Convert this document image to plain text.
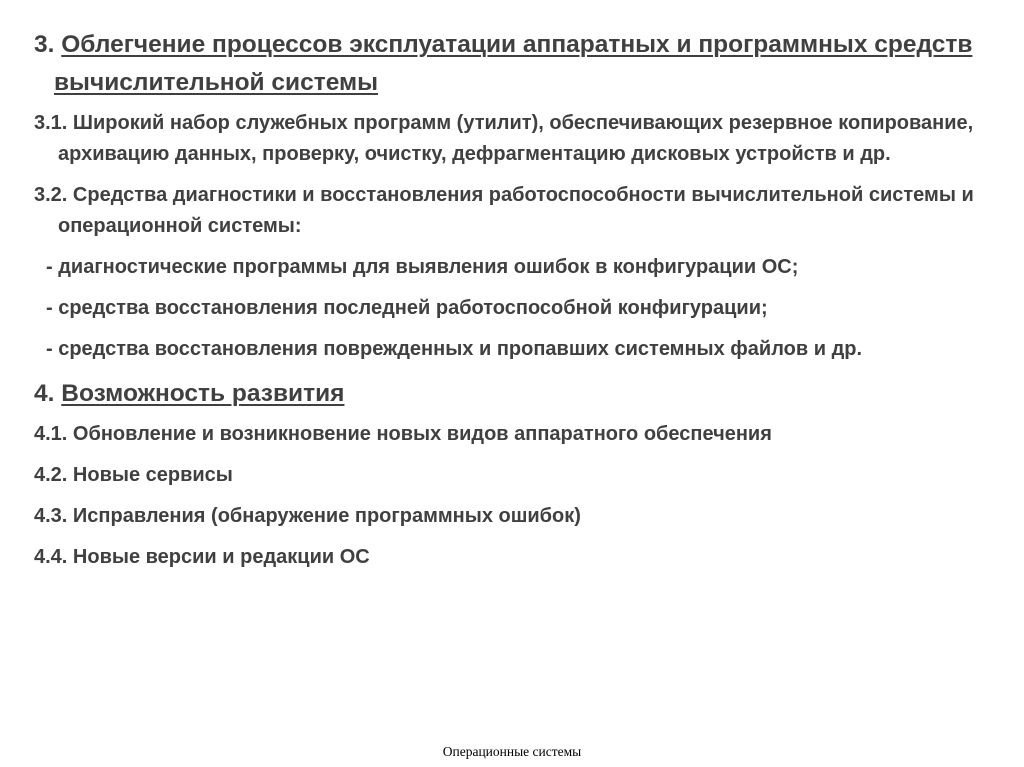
3. Облегчение процессов эксплуатации аппаратных и программных средств вычислительной системы
3.1. Широкий набор служебных программ (утилит), обеспечивающих резервное копирование, архивацию данных, проверку, очистку, дефрагментацию дисковых устройств и др.
3.2. Средства диагностики и восстановления работоспособности вычислительной системы и операционной системы:
- диагностические программы для выявления ошибок в конфигурации ОС;
- средства восстановления последней работоспособной конфигурации;
- средства восстановления поврежденных и пропавших системных файлов и др.
4. Возможность развития
4.1. Обновление и возникновение новых видов аппаратного обеспечения
4.2. Новые сервисы
4.3. Исправления (обнаружение программных ошибок)
4.4. Новые версии и редакции ОС
Операционные системы
